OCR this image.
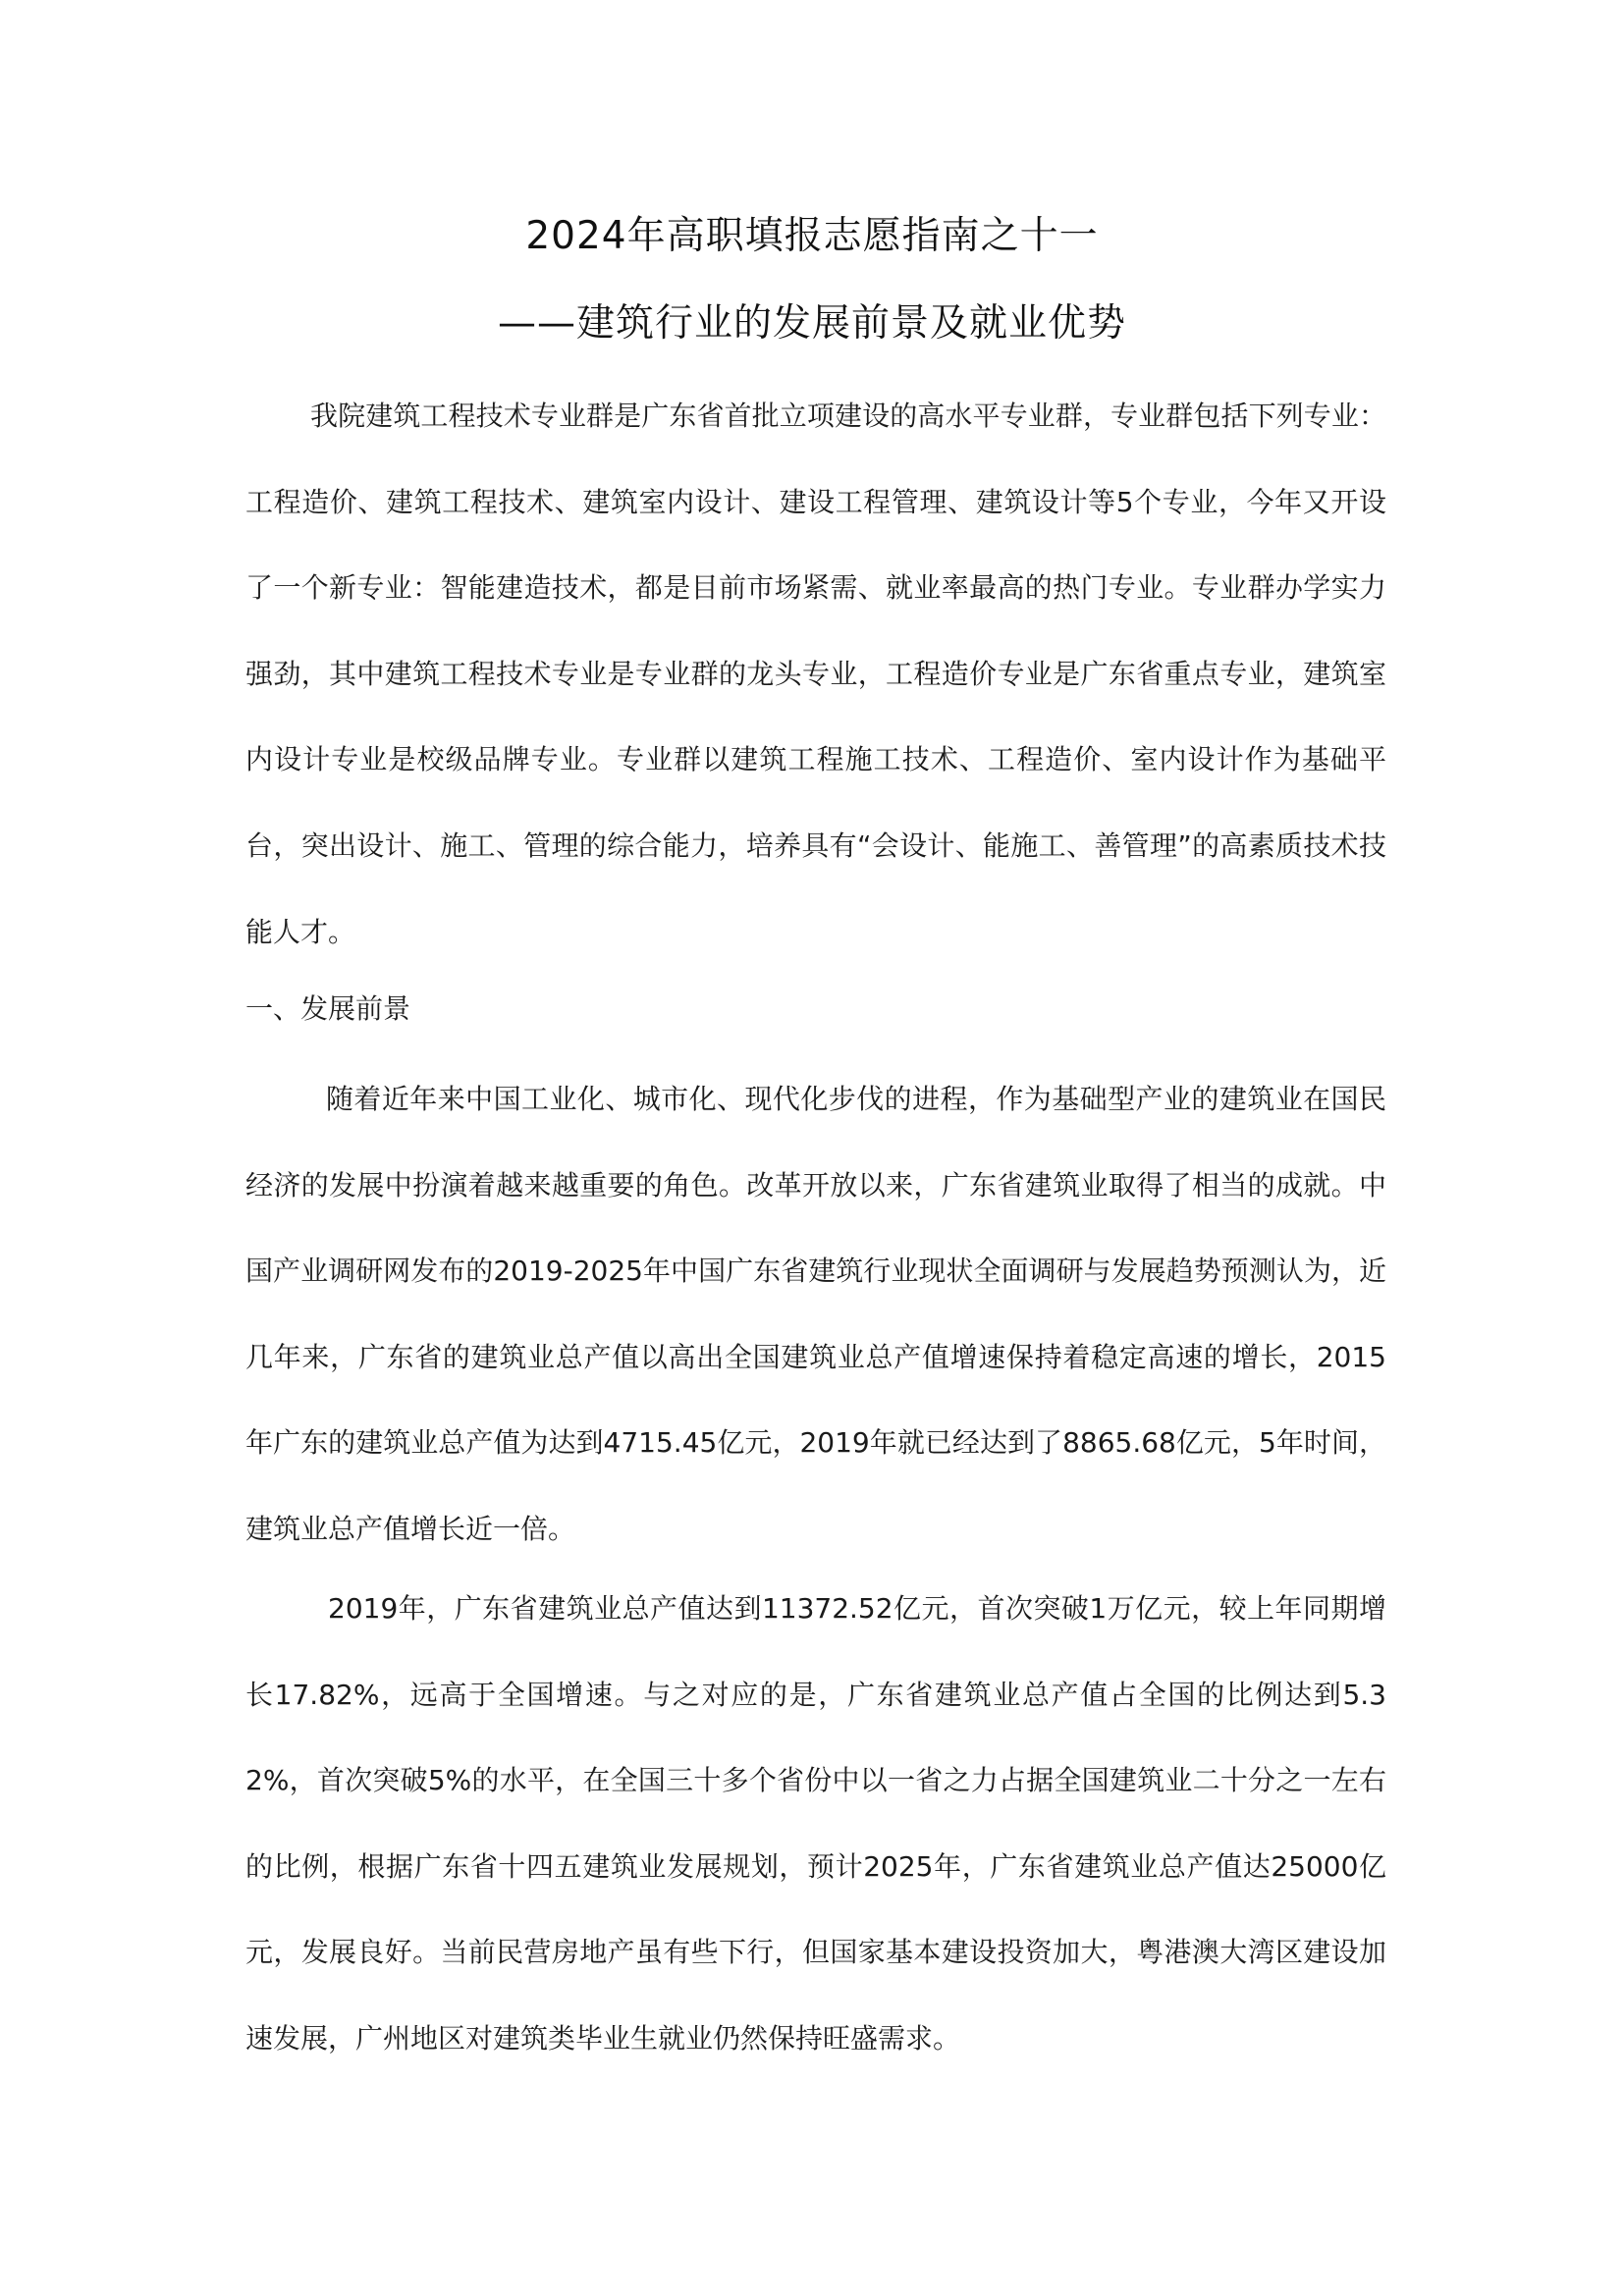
2024年高职填报志愿指南之十一
——建筑行业的发展前景及就业优势

我院建筑工程技术专业群是广东省首批立项建设的高水平专业群，专业群包括下列专业：工程造价、建筑工程技术、建筑室内设计、建设工程管理、建筑设计等5个专业，今年又开设了一个新专业：智能建造技术，都是目前市场紧需、就业率最高的热门专业。专业群办学实力强劲，其中建筑工程技术专业是专业群的龙头专业，工程造价专业是广东省重点专业，建筑室内设计专业是校级品牌专业。专业群以建筑工程施工技术、工程造价、室内设计作为基础平台，突出设计、施工、管理的综合能力，培养具有“会设计、能施工、善管理”的高素质技术技能人才。

一、发展前景

随着近年来中国工业化、城市化、现代化步伐的进程，作为基础型产业的建筑业在国民经济的发展中扮演着越来越重要的角色。改革开放以来，广东省建筑业取得了相当的成就。中国产业调研网发布的2019-2025年中国广东省建筑行业现状全面调研与发展趋势预测认为，近几年来，广东省的建筑业总产值以高出全国建筑业总产值增速保持着稳定高速的增长，2015年广东的建筑业总产值为达到4715.45亿元，2019年就已经达到了8865.68亿元，5年时间，建筑业总产值增长近一倍。

2019年，广东省建筑业总产值达到11372.52亿元，首次突破1万亿元，较上年同期增长17.82%，远高于全国增速。与之对应的是，广东省建筑业总产值占全国的比例达到5.32%，首次突破5%的水平，在全国三十多个省份中以一省之力占据全国建筑业二十分之一左右的比例，根据广东省十四五建筑业发展规划，预计2025年，广东省建筑业总产值达25000亿元，发展良好。当前民营房地产虽有些下行，但国家基本建设投资加大，粤港澳大湾区建设加速发展，广州地区对建筑类毕业生就业仍然保持旺盛需求。
